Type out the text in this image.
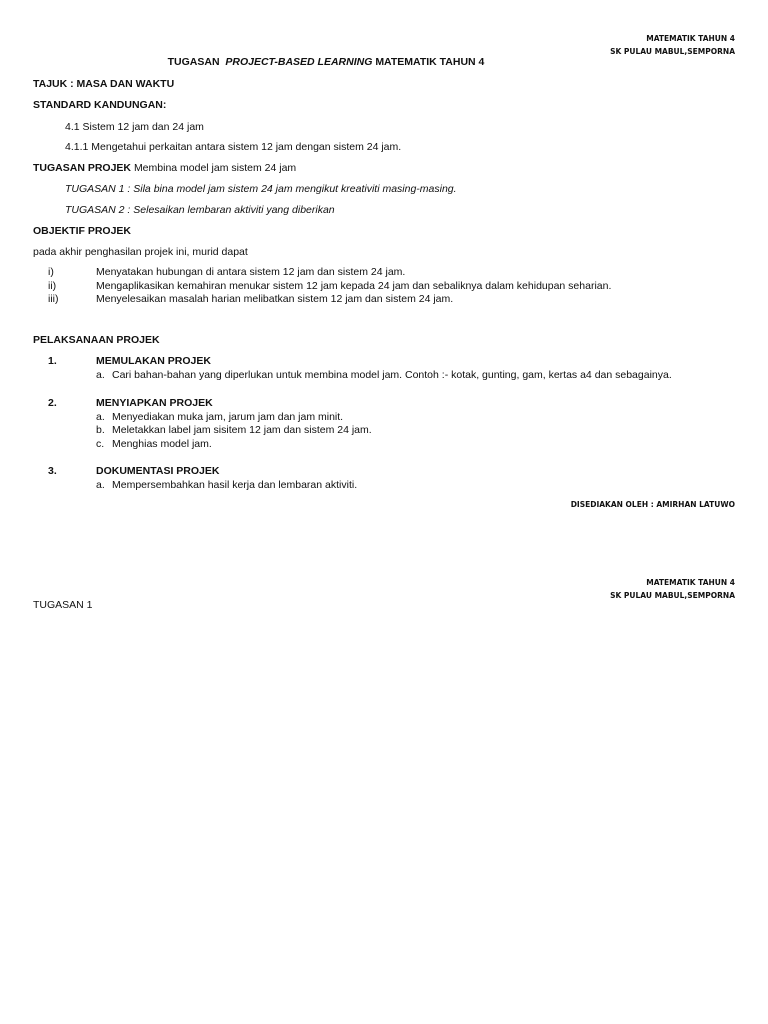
MATEMATIK TAHUN 4
SK PULAU MABUL,SEMPORNA
TUGASAN PROJECT-BASED LEARNING MATEMATIK TAHUN 4
TAJUK : MASA DAN WAKTU
STANDARD KANDUNGAN:
4.1 Sistem 12 jam dan 24 jam
4.1.1 Mengetahui perkaitan antara sistem 12 jam dengan sistem 24 jam.
TUGASAN PROJEK Membina model jam sistem 24 jam
TUGASAN 1 : Sila bina model jam sistem 24 jam mengikut kreativiti masing-masing.
TUGASAN 2 : Selesaikan lembaran aktiviti yang diberikan
OBJEKTIF PROJEK
pada akhir penghasilan projek ini, murid dapat
i)	Menyatakan hubungan di antara sistem 12 jam dan sistem 24 jam.
ii)	Mengaplikasikan kemahiran menukar sistem 12 jam kepada 24 jam dan sebaliknya dalam kehidupan seharian.
iii)	Menyelesaikan masalah harian melibatkan sistem 12 jam dan sistem 24 jam.
PELAKSANAAN PROJEK
1.	MEMULAKAN PROJEK
a. Cari bahan-bahan yang diperlukan untuk membina model jam. Contoh :- kotak, gunting, gam, kertas a4 dan sebagainya.
2.	MENYIAPKAN PROJEK
a. Menyediakan muka jam, jarum jam dan jam minit.
b. Meletakkan label jam sisitem 12 jam dan sistem 24 jam.
c. Menghias model jam.
3.	DOKUMENTASI PROJEK
a. Mempersembahkan hasil kerja dan lembaran aktiviti.
DISEDIAKAN OLEH : AMIRHAN LATUWO
MATEMATIK TAHUN 4
SK PULAU MABUL,SEMPORNA
TUGASAN 1
